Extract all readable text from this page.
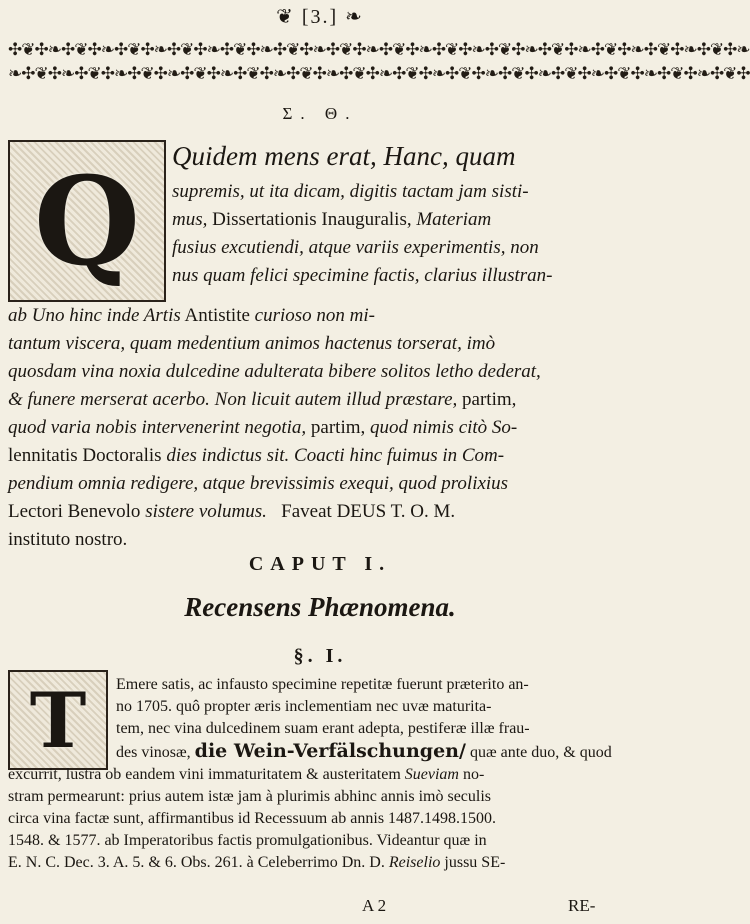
❦ [3.] ❧
✣❦✣❧✣❦✣❧✣❦✣❧✣❦✣❧✣❦✣❧✣❦✣❧✣❦✣❧✣❦✣❧✣❦✣❧✣❦✣❧✣❦✣❧✣❦✣❧✣❦✣❧✣❦✣❧
❧✣❦✣❧✣❦✣❧✣❦✣❧✣❦✣❧✣❦✣❧✣❦✣❧✣❦✣❧✣❦✣❧✣❦✣❧✣❦✣❧✣❦✣❧✣❦✣❧✣❦✣❧✣❦✣
Σ. Θ.
Q	Quidem mens erat, Hanc, quam
supremis, ut ita dicam, digitis tactam jam sisti-
mus, Dissertationis Inauguralis, Materiam
fusius excutiendi, atque variis experimentis, non
nus quam felici specimine factis, clarius illustran-
ab Uno hinc inde Artis Antistite curioso non mi-
tantum viscera, quam medentium animos hactenus torserat, imò
quosdam vina noxia dulcedine adulterata bibere solitos letho dederat,
& funere merserat acerbo. Non licuit autem illud præstare, partim,
quod varia nobis intervenerint negotia, partim, quod nimis citò So-
lennitatis Doctoralis dies indictus sit. Coacti hinc fuimus in Com-
pendium omnia redigere, atque brevissimis exequi, quod prolixius
Lectori Benevolo sistere volumus. Faveat DEUS T. O. M.
instituto nostro.
CAPUT I.
Recensens Phænomena.
§. I.
T	Emere satis, ac infausto specimine repetitæ fuerunt præterito an-
no 1705. quô propter æris inclementiam nec uvæ maturita-
tem, nec vina dulcedinem suam erant adepta, pestiferæ illæ frau-
des vinosæ, die Wein-Verfälschungen/ quæ ante duo, & quod
excurrit, lustra ob eandem vini immaturitatem & austeritatem Sueviam no-
stram permearunt: prius autem istæ jam à plurimis abhinc annis imò seculis
circa vina factæ sunt, affirmantibus id Recessuum ab annis 1487.1498.1500.
1548. & 1577. ab Imperatoribus factis promulgationibus. Videantur quæ in
E. N. C. Dec. 3. A. 5. & 6. Obs. 261. à Celeberrimo Dn. D. Reiselio jussu SE-
A 2	RE-
